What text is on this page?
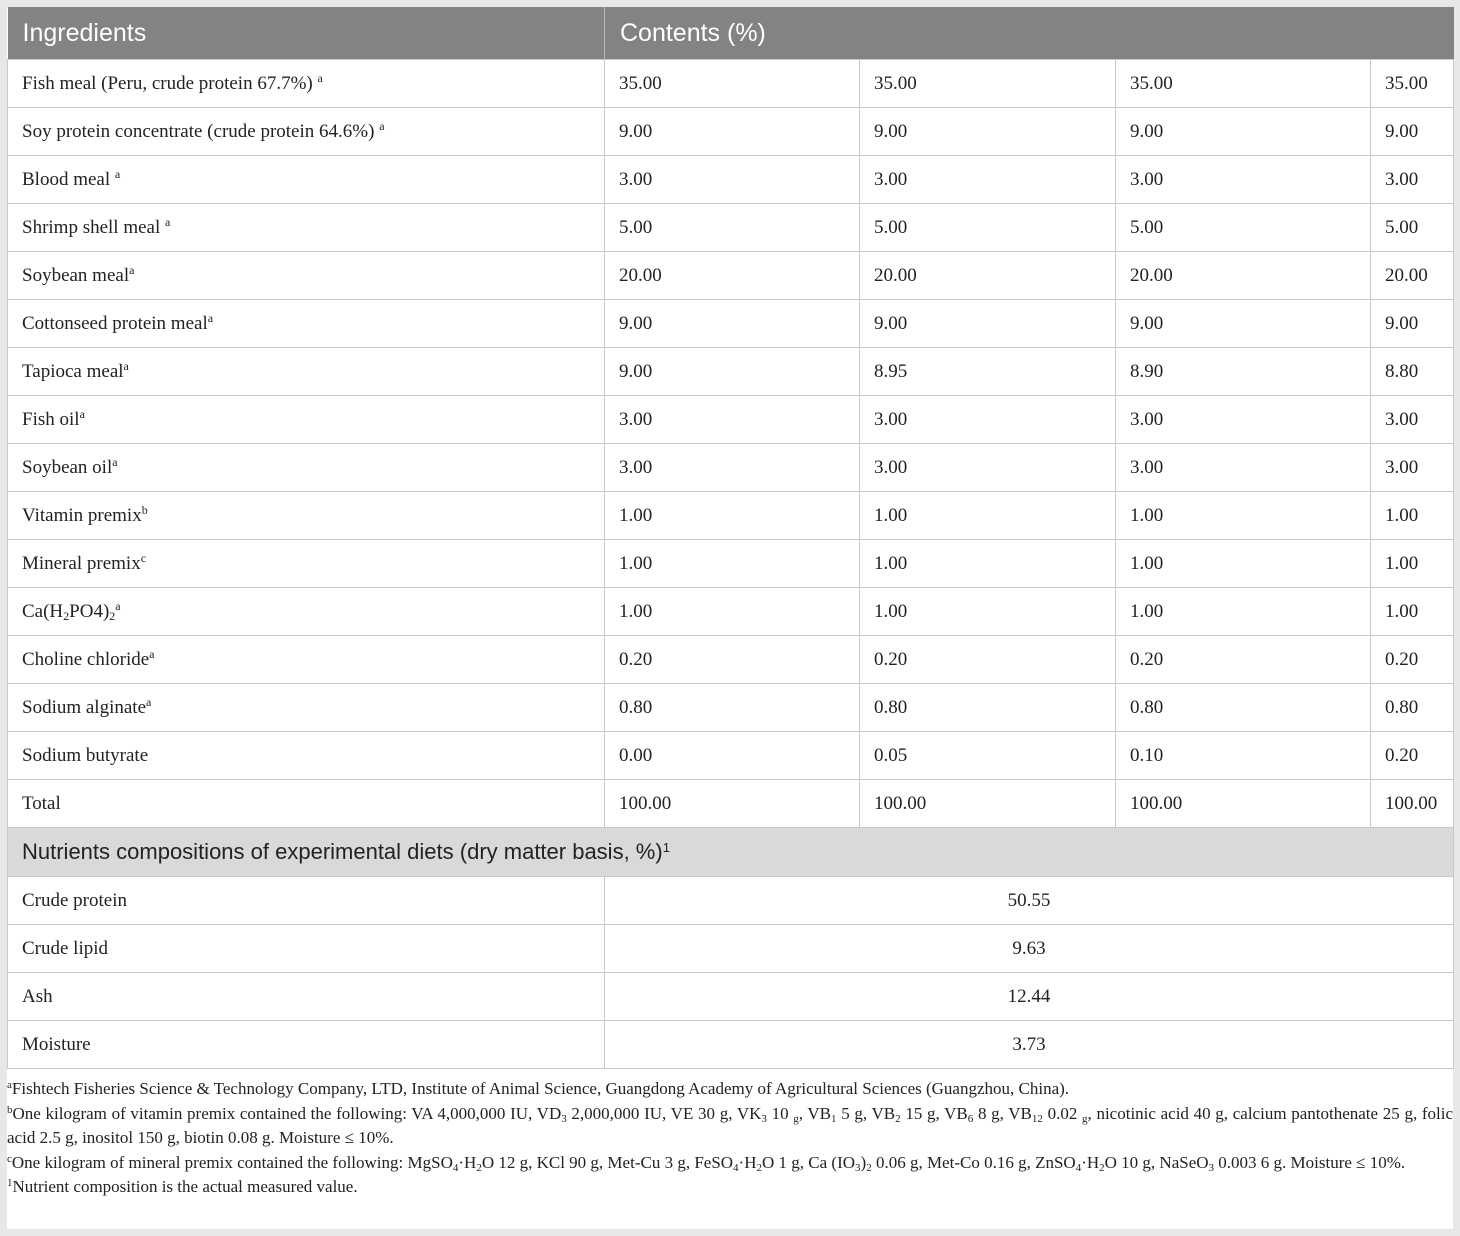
Ingredients	Contents (%)			
Fish meal (Peru, crude protein 67.7%) $^a$	35.00	35.00	35.00	35.00
Soy protein concentrate (crude protein 64.6%) $^a$	9.00	9.00	9.00	9.00
Blood meal $^a$	3.00	3.00	3.00	3.00
Shrimp shell meal $^a$	5.00	5.00	5.00	5.00
Soybean meal$^a$	20.00	20.00	20.00	20.00
Cottonseed protein meal$^a$	9.00	9.00	9.00	9.00
Tapioca meal$^a$	9.00	8.95	8.90	8.80
Fish oil$^a$	3.00	3.00	3.00	3.00
Soybean oil$^a$	3.00	3.00	3.00	3.00
Vitamin premix$^b$	1.00	1.00	1.00	1.00
Mineral premix$^c$	1.00	1.00	1.00	1.00
$Ca(H_2PO4)_2^a$	1.00	1.00	1.00	1.00
Choline chloride$^a$	0.20	0.20	0.20	0.20
Sodium alginate$^a$	0.80	0.80	0.80	0.80
Sodium butyrate	0.00	0.05	0.10	0.20
Total	100.00	100.00	100.00	100.00
Nutrients compositions of experimental diets (dry matter basis, %)$^1$
Crude protein	50.55			
Crude lipid	9.63			
Ash	12.44			
Moisture	3.73			

$^a$Fishtech Fisheries Science & Technology Company, LTD, Institute of Animal Science, Guangdong Academy of Agricultural Sciences (Guangzhou, China).

$^b$One kilogram of vitamin premix contained the following: VA 4,000,000 IU, $VD_3$ 2,000,000 IU, VE 30 g, $VK_3$ 10 $_g$, $VB_1$ 5 g, $VB_2$ 15 g, $VB_6$ 8 g, $VB_{12}$ 0.02 $_g$, nicotinic acid 40 g, calcium pantothenate 25 g, folic acid 2.5 g, inositol 150 g, biotin 0.08 g. Moisture ≤ 10%.

$^c$One kilogram of mineral premix contained the following: $MgSO_4\cdot H_2O$ 12 g, KCl 90 g, Met-Cu 3 g, $FeSO_4\cdot H_2O$ 1 g, Ca $(IO_3)_2$ 0.06 g, Met-Co 0.16 g, $ZnSO_4\cdot H_2O$ 10 g, NaSeO$_3$ 0.003 6 g. Moisture ≤ 10%.

$^1$Nutrient composition is the actual measured value.
